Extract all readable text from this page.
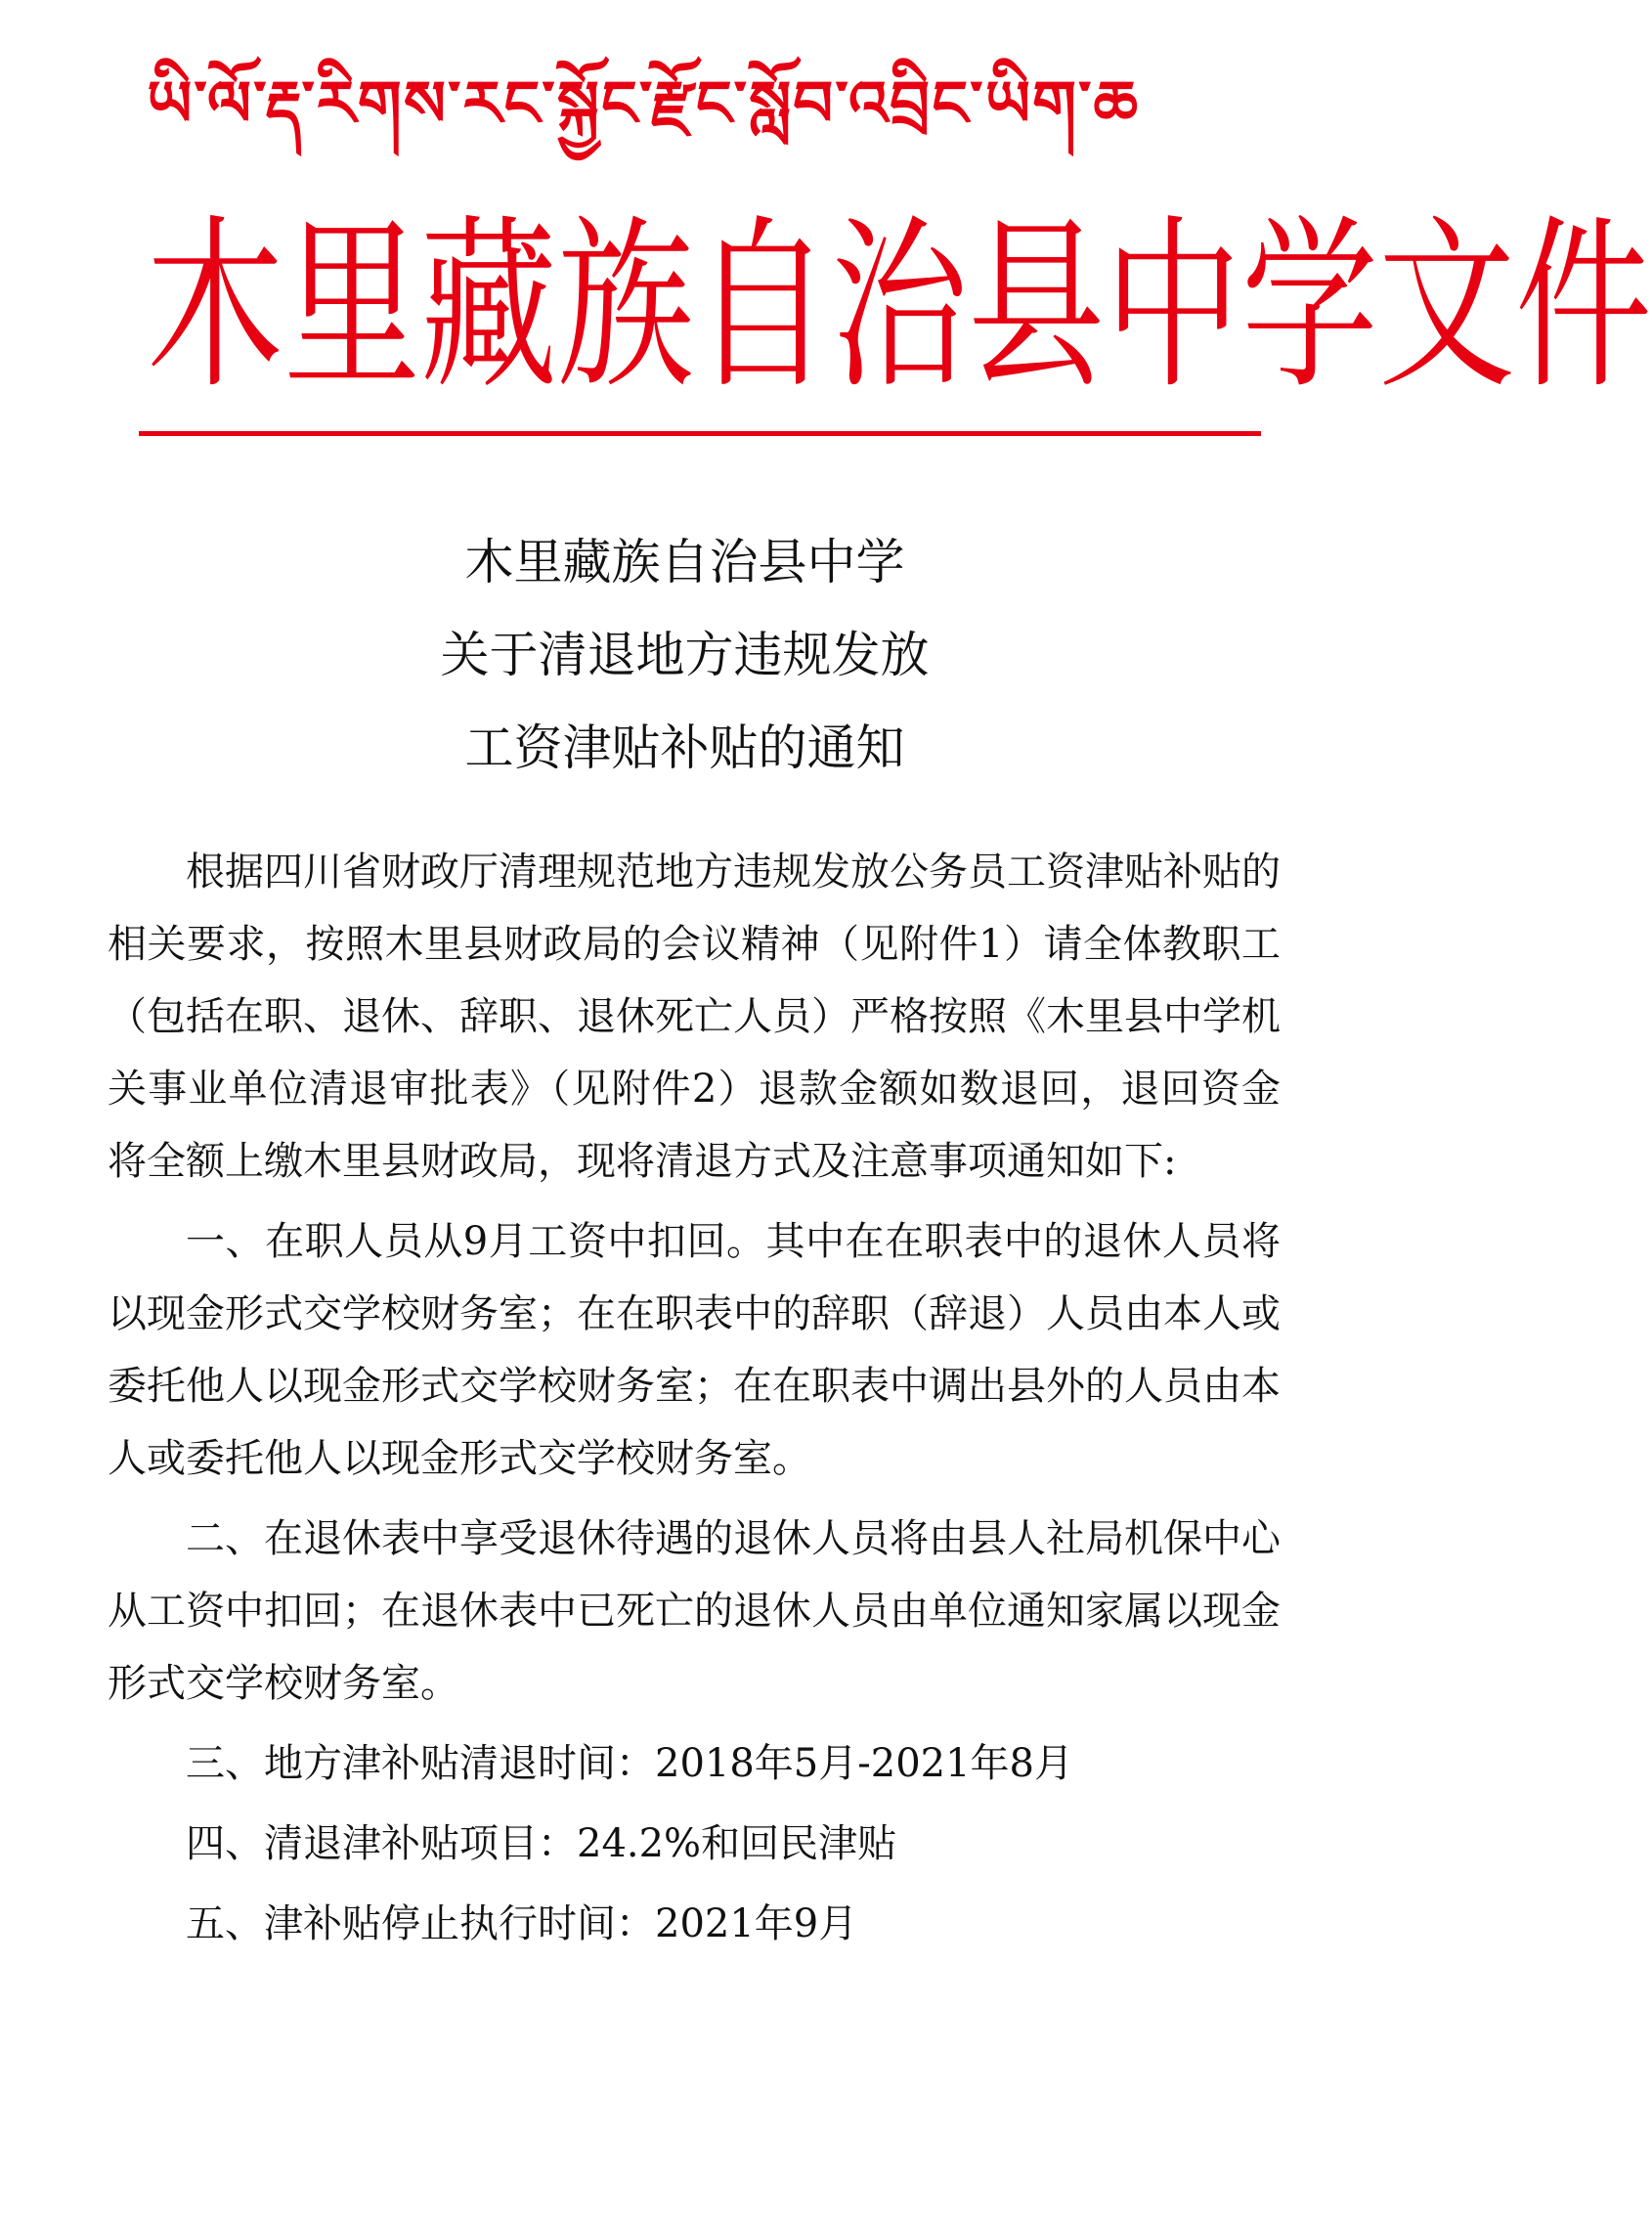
ཡི་ལོ་རྡ་རིགས་རང་སྐྱོང་རྫོང་སློབ་འབྲིང་ཡིག་ཆ
木里藏族自治县中学文件
木里藏族自治县中学
关于清退地方违规发放
工资津贴补贴的通知

根据四川省财政厅清理规范地方违规发放公务员工资津贴补贴的相关要求，按照木里县财政局的会议精神（见附件1）请全体教职工（包括在职、退休、辞职、退休死亡人员）严格按照《木里县中学机关事业单位清退审批表》（见附件2）退款金额如数退回，退回资金将全额上缴木里县财政局，现将清退方式及注意事项通知如下:

一、在职人员从9月工资中扣回。其中在在职表中的退休人员将以现金形式交学校财务室；在在职表中的辞职（辞退）人员由本人或委托他人以现金形式交学校财务室；在在职表中调出县外的人员由本人或委托他人以现金形式交学校财务室。

二、在退休表中享受退休待遇的退休人员将由县人社局机保中心从工资中扣回；在退休表中已死亡的退休人员由单位通知家属以现金形式交学校财务室。

三、地方津补贴清退时间：2018年5月-2021年8月

四、清退津补贴项目：24.2%和回民津贴

五、津补贴停止执行时间：2021年9月
